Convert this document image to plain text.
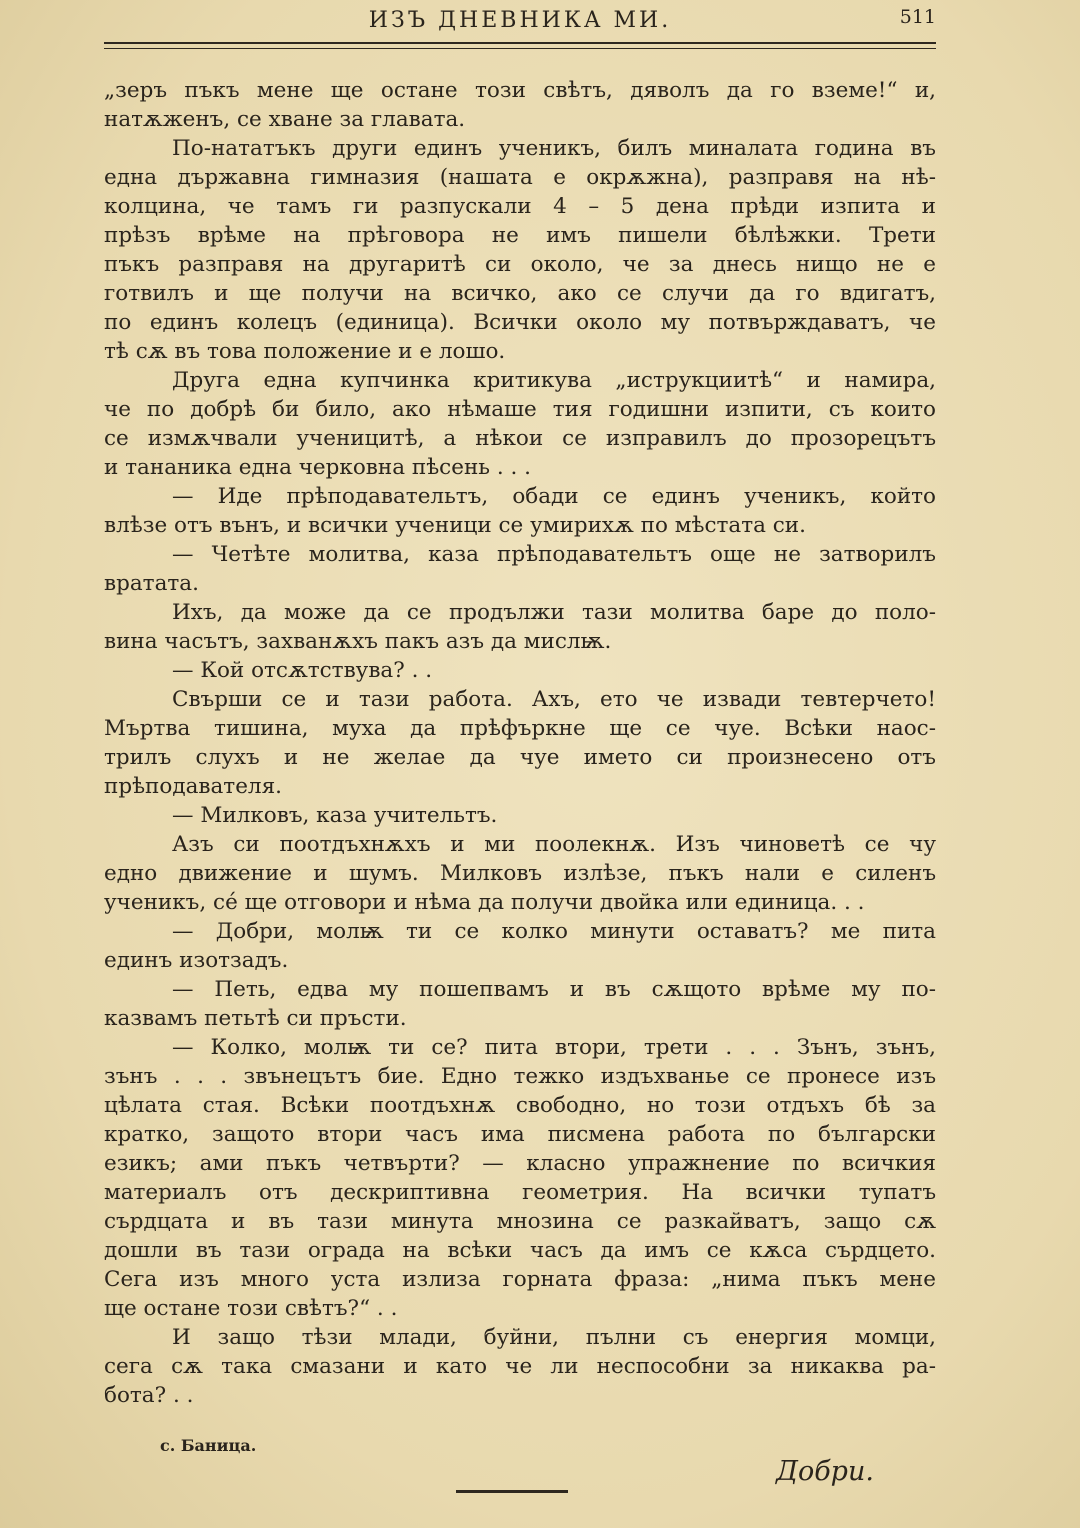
ИЗЪ ДНЕВНИКА МИ.	511
„зеръ пъкъ мене ще остане този свѣтъ, дяволъ да го вземе!“ и,
натѫженъ, се хване за главата.
По-нататъкъ други единъ ученикъ, билъ миналата година въ
една държавна гимназия (нашата е окрѫжна), разправя на нѣ-
колцина, че тамъ ги разпускали 4 – 5 дена прѣди изпита и
прѣзъ врѣме на прѣговора не имъ пишели бѣлѣжки. Трети
пъкъ разправя на другаритѣ си около, че за днесь нищо не е
готвилъ и ще получи на всичко, ако се случи да го вдигатъ,
по единъ колецъ (единица). Всички около му потвърждаватъ, че
тѣ сѫ въ това положение и е лошо.
Друга една купчинка критикува „иструкциитѣ“ и намира,
че по добрѣ би било, ако нѣмаше тия годишни изпити, съ които
се измѫчвали ученицитѣ, а нѣкои се изправилъ до прозорецътъ
и тананика една черковна пѣсень . . .
— Иде прѣподавательтъ, обади се единъ ученикъ, който
влѣзе отъ вънъ, и всички ученици се умирихѫ по мѣстата си.
— Четѣте молитва, каза прѣподавательтъ още не затворилъ
вратата.
Ихъ, да може да се продължи тази молитва баре до поло-
вина часътъ, захванѫхъ пакъ азъ да мислѭ.
— Кой отсѫтствува? . .
Свърши се и тази работа. Ахъ, ето че извади тевтерчето!
Мъртва тишина, муха да прѣфъркне ще се чуе. Всѣки наос-
трилъ слухъ и не желае да чуе името си произнесено отъ
прѣподавателя.
— Милковъ, каза учительтъ.
Азъ си поотдъхнѫхъ и ми поолекнѫ. Изъ чиноветѣ се чу
едно движение и шумъ. Милковъ излѣзе, пъкъ нали е силенъ
ученикъ, сé ще отговори и нѣма да получи двойка или единица. . .
— Добри, молѭ ти се колко минути оставатъ? ме пита
единъ изотзадъ.
— Петь, едва му пошепвамъ и въ сѫщото врѣме му по-
казвамъ петьтѣ си пръсти.
— Колко, молѭ ти се? пита втори, трети . . . Зънъ, зънъ,
зънъ . . . звънецътъ бие. Едно тежко издъхванье се пронесе изъ
цѣлата стая. Всѣки поотдъхнѫ свободно, но този отдъхъ бѣ за
кратко, защото втори часъ има писмена работа по български
езикъ; ами пъкъ четвърти? — класно упражнение по всичкия
материалъ отъ дескриптивна геометрия. На всички тупатъ
сърдцата и въ тази минута мнозина се разкайватъ, защо сѫ
дошли въ тази ограда на всѣки часъ да имъ се кѫса сърдцето.
Сега изъ много уста излиза горната фраза: „нима пъкъ мене
ще остане този свѣтъ?“ . .
И защо тѣзи млади, буйни, пълни съ енергия момци,
сега сѫ така смазани и като че ли неспособни за никаква ра-
бота? . .
с. Баница.
Добри.
